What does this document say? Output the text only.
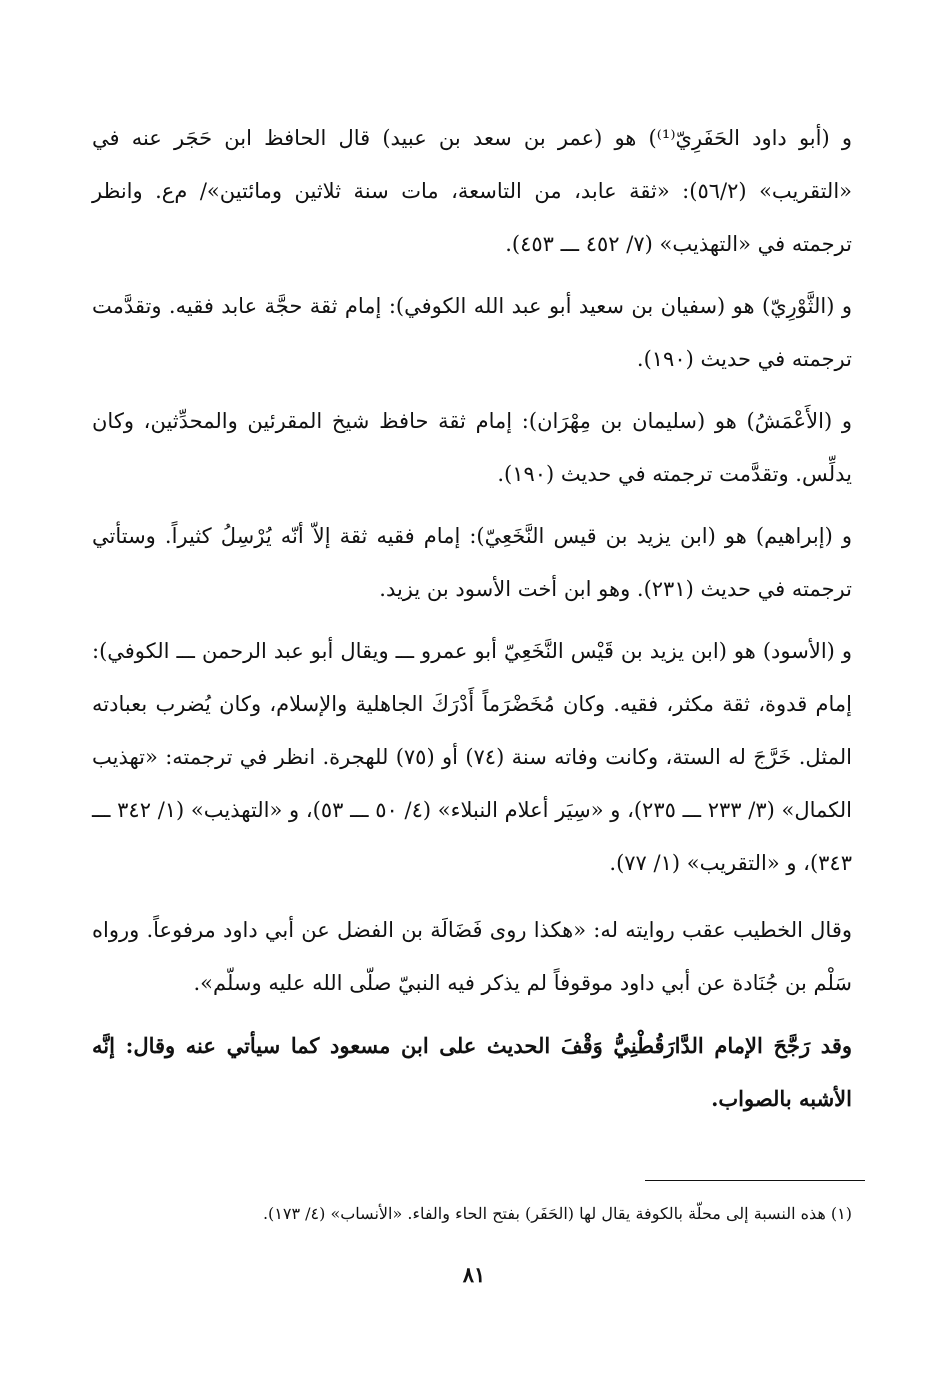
و (أبو داود الحَفَرِيّ⁽¹⁾) هو (عمر بن سعد بن عبيد) قال الحافظ ابن حَجَر عنه في «التقريب» (٥٦/٢): «ثقة عابد، من التاسعة، مات سنة ثلاثين ومائتين»/ م‌ع. وانظر ترجمته في «التهذيب» (٧/ ٤٥٢ ـــ ٤٥٣).

و (الثَّوْرِيّ) هو (سفيان بن سعيد أبو عبد الله الكوفي): إمام ثقة حجَّة عابد فقيه. وتقدَّمت ترجمته في حديث (١٩٠).

و (الأَعْمَشُ) هو (سليمان بن مِهْرَان): إمام ثقة حافظ شيخ المقرئين والمحدِّثين، وكان يدلِّس. وتقدَّمت ترجمته في حديث (١٩٠).

و (إبراهيم) هو (ابن يزيد بن قيس النَّخَعِيّ): إمام فقيه ثقة إلاّ أنّه يُرْسِلُ كثيراً. وستأتي ترجمته في حديث (٢٣١). وهو ابن أخت الأسود بن يزيد.

و (الأسود) هو (ابن يزيد بن قَيْس النَّخَعِيّ أبو عمرو ـــ ويقال أبو عبد الرحمن ـــ الكوفي): إمام قدوة، ثقة مكثر، فقيه. وكان مُخَضْرَماً أَدْرَكَ الجاهلية والإسلام، وكان يُضرب بعبادته المثل. خَرَّجَ له الستة، وكانت وفاته سنة (٧٤) أو (٧٥) للهجرة. انظر في ترجمته: «تهذيب الكمال» (٣/ ٢٣٣ ـــ ٢٣٥)، و «سِيَر أعلام النبلاء» (٤/ ٥٠ ـــ ٥٣)، و «التهذيب» (١/ ٣٤٢ ـــ ٣٤٣)، و «التقريب» (١/ ٧٧).

وقال الخطيب عقب روايته له: «هكذا روى فَضَالَة بن الفضل عن أبي داود مرفوعاً. ورواه سَلْم بن جُنَادة عن أبي داود موقوفاً لم يذكر فيه النبيّ صلّى الله عليه وسلّم».

وقد رَجَّحَ الإمام الدَّارَقُطْنِيُّ وَقْفَ الحديث على ابن مسعود كما سيأتي عنه وقال: إنَّه الأشبه بالصواب.

(١) هذه النسبة إلى محلّة بالكوفة يقال لها (الحَفَر) بفتح الحاء والفاء. «الأنساب» (٤/ ١٧٣).

٨١
